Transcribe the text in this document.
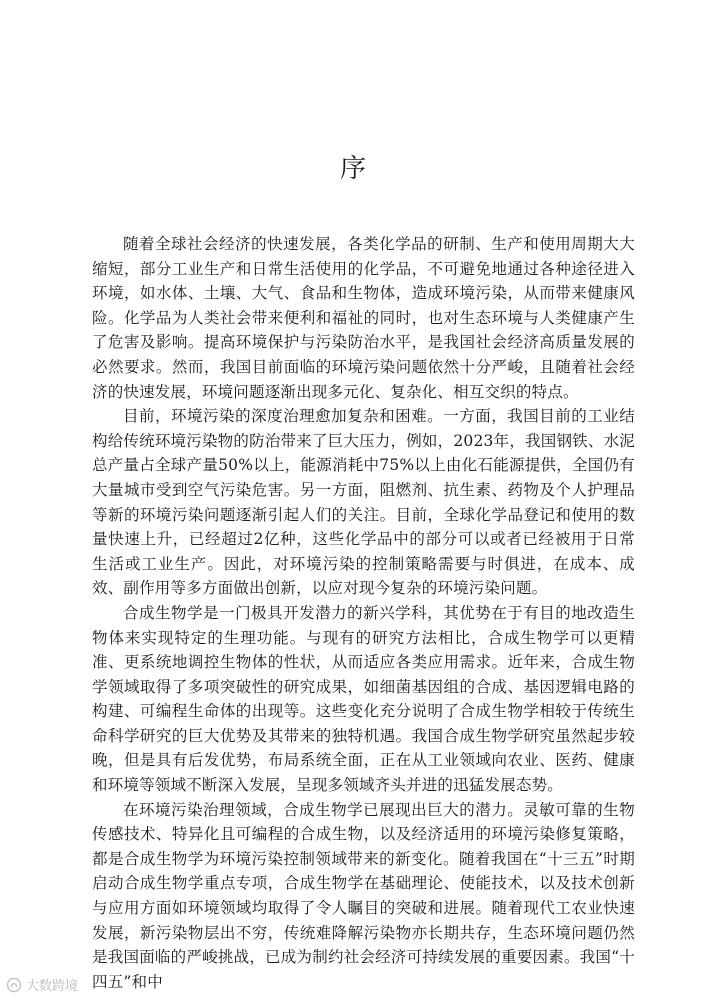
序

随着全球社会经济的快速发展，各类化学品的研制、生产和使用周期大大缩短，部分工业生产和日常生活使用的化学品，不可避免地通过各种途径进入环境，如水体、土壤、大气、食品和生物体，造成环境污染，从而带来健康风险。化学品为人类社会带来便利和福祉的同时，也对生态环境与人类健康产生了危害及影响。提高环境保护与污染防治水平，是我国社会经济高质量发展的必然要求。然而，我国目前面临的环境污染问题依然十分严峻，且随着社会经济的快速发展，环境问题逐渐出现多元化、复杂化、相互交织的特点。

目前，环境污染的深度治理愈加复杂和困难。一方面，我国目前的工业结构给传统环境污染物的防治带来了巨大压力，例如，2023年，我国钢铁、水泥总产量占全球产量50%以上，能源消耗中75%以上由化石能源提供，全国仍有大量城市受到空气污染危害。另一方面，阻燃剂、抗生素、药物及个人护理品等新的环境污染问题逐渐引起人们的关注。目前，全球化学品登记和使用的数量快速上升，已经超过2亿种，这些化学品中的部分可以或者已经被用于日常生活或工业生产。因此，对环境污染的控制策略需要与时俱进，在成本、成效、副作用等多方面做出创新，以应对现今复杂的环境污染问题。

合成生物学是一门极具开发潜力的新兴学科，其优势在于有目的地改造生物体来实现特定的生理功能。与现有的研究方法相比，合成生物学可以更精准、更系统地调控生物体的性状，从而适应各类应用需求。近年来，合成生物学领域取得了多项突破性的研究成果，如细菌基因组的合成、基因逻辑电路的构建、可编程生命体的出现等。这些变化充分说明了合成生物学相较于传统生命科学研究的巨大优势及其带来的独特机遇。我国合成生物学研究虽然起步较晚，但是具有后发优势，布局系统全面，正在从工业领域向农业、医药、健康和环境等领域不断深入发展，呈现多领域齐头并进的迅猛发展态势。

在环境污染治理领域，合成生物学已展现出巨大的潜力。灵敏可靠的生物传感技术、特异化且可编程的合成生物，以及经济适用的环境污染修复策略，都是合成生物学为环境污染控制领域带来的新变化。随着我国在“十三五”时期启动合成生物学重点专项，合成生物学在基础理论、使能技术，以及技术创新与应用方面如环境领域均取得了令人瞩目的突破和进展。随着现代工农业快速发展，新污染物层出不穷，传统难降解污染物亦长期共存，生态环境问题仍然是我国面临的严峻挑战，已成为制约社会经济可持续发展的重要因素。我国“十四五”和中

大数跨境
